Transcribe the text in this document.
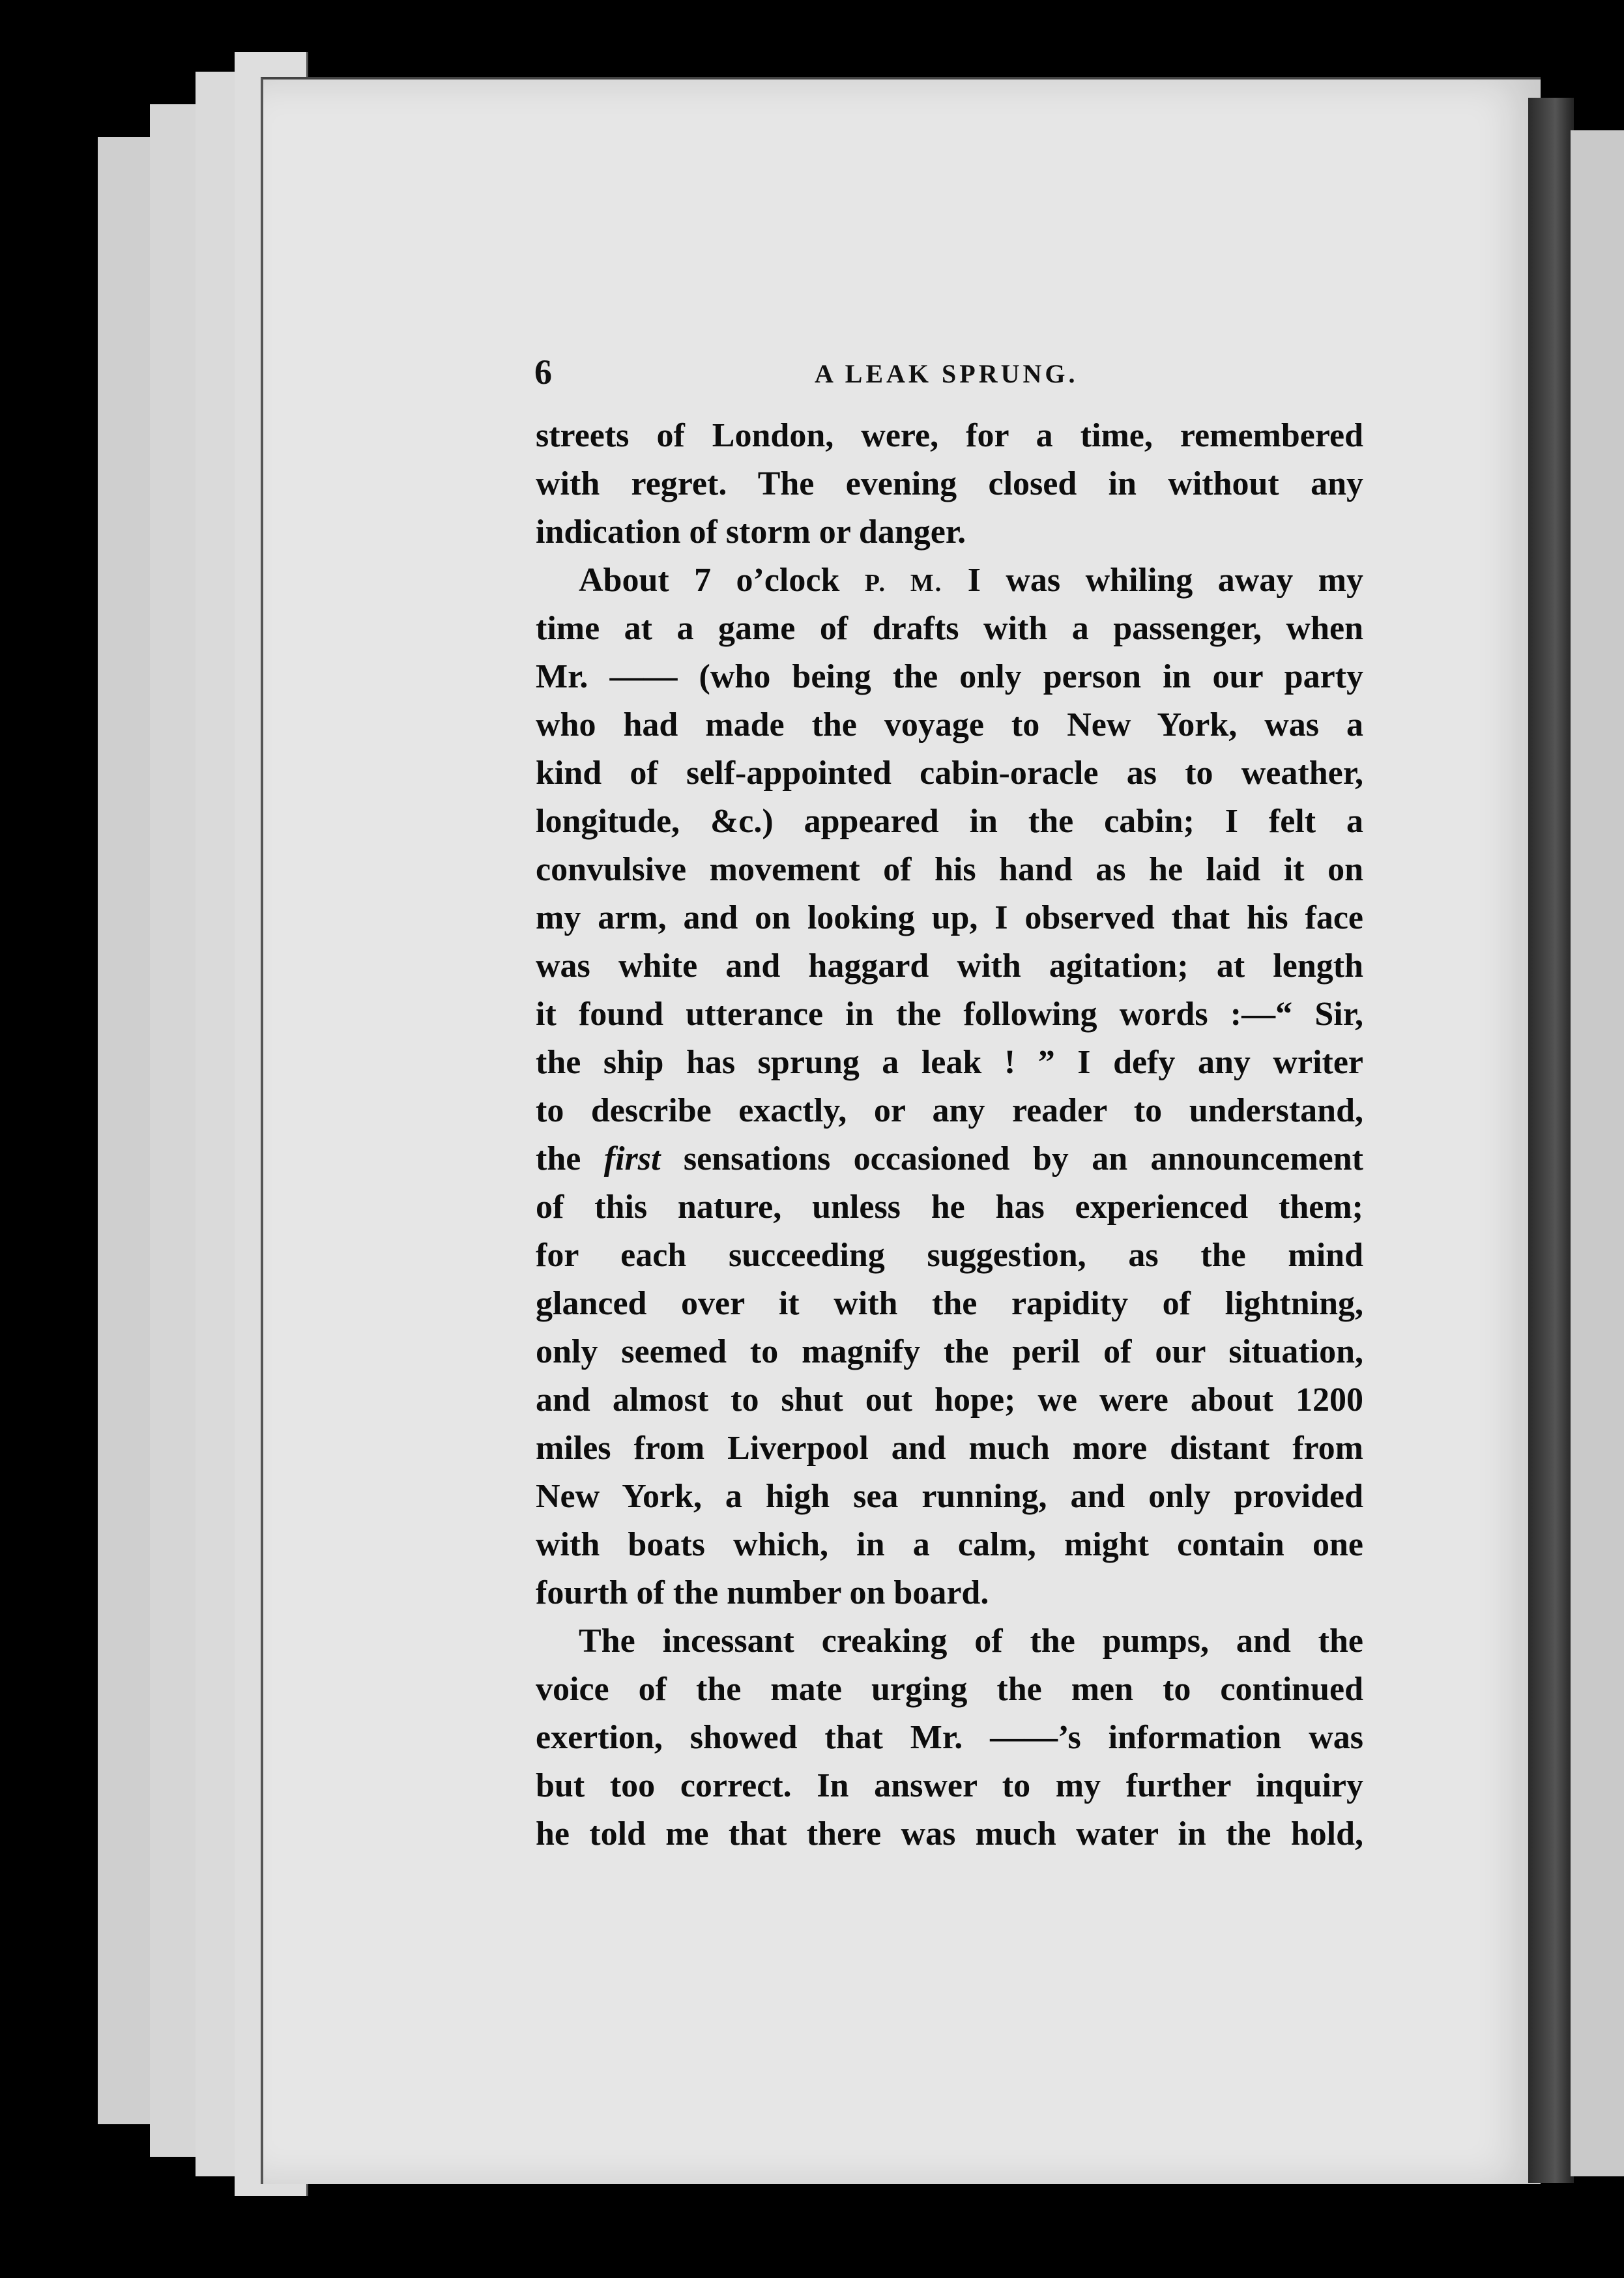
6	A LEAK SPRUNG.
streets of London, were, for a time, remembered
with regret. The evening closed in without any
indication of storm or danger.
About 7 o’clock P. M. I was whiling away my
time at a game of drafts with a passenger, when
Mr. —— (who being the only person in our party
who had made the voyage to New York, was a
kind of self-appointed cabin-oracle as to weather,
longitude, &c.) appeared in the cabin; I felt a
convulsive movement of his hand as he laid it on
my arm, and on looking up, I observed that his face
was white and haggard with agitation; at length
it found utterance in the following words :—“ Sir,
the ship has sprung a leak ! ” I defy any writer
to describe exactly, or any reader to understand,
the first sensations occasioned by an announcement
of this nature, unless he has experienced them;
for each succeeding suggestion, as the mind
glanced over it with the rapidity of lightning,
only seemed to magnify the peril of our situation,
and almost to shut out hope; we were about 1200
miles from Liverpool and much more distant from
New York, a high sea running, and only provided
with boats which, in a calm, might contain one
fourth of the number on board.
The incessant creaking of the pumps, and the
voice of the mate urging the men to continued
exertion, showed that Mr. ——’s information was
but too correct. In answer to my further inquiry
he told me that there was much water in the hold,
